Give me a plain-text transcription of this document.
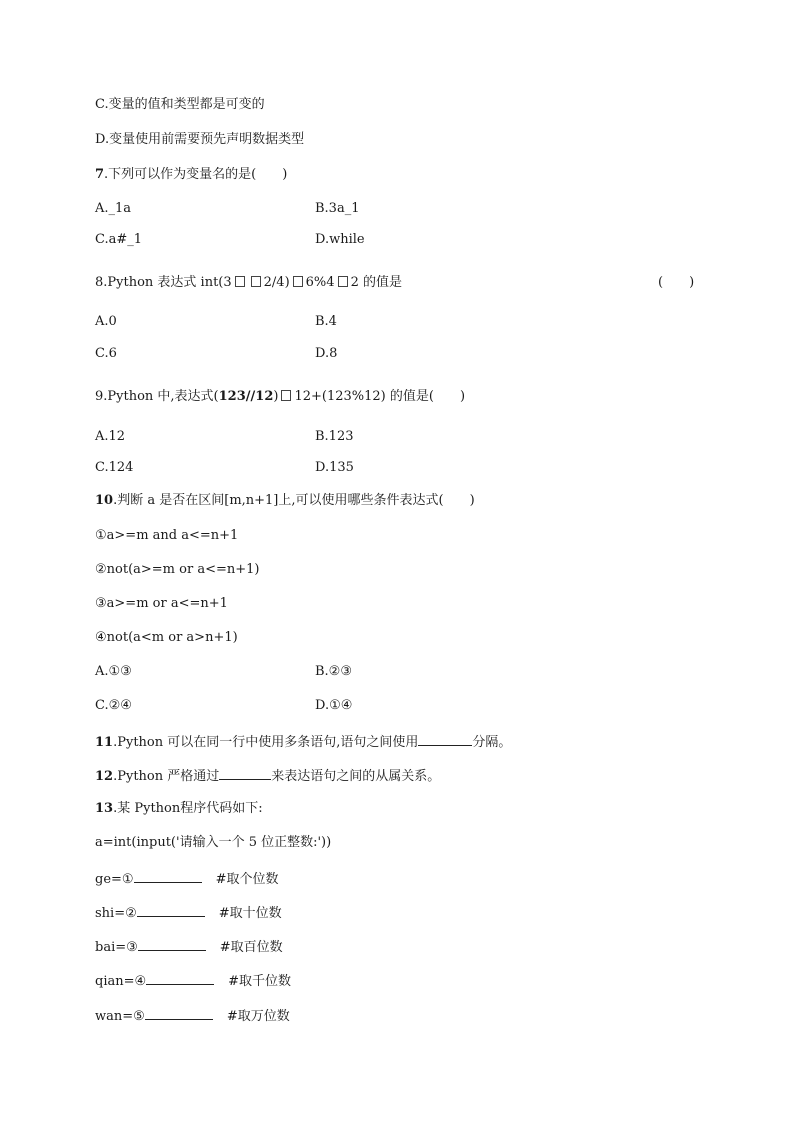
C.变量的值和类型都是可变的
D.变量使用前需要预先声明数据类型
7.下列可以作为变量名的是(　　)
A._1a	B.3a_1
C.a#_1	D.while
8.Python 表达式 int(3 2/4) 6%4 2 的值是	(　　)
A.0	B.4
C.6	D.8
9.Python 中,表达式(123//12) 12+(123%12) 的值是(　　)
A.12	B.123
C.124	D.135
10.判断 a 是否在区间[m,n+1]上,可以使用哪些条件表达式(　　)
①a>=m and a<=n+1
②not(a>=m or a<=n+1)
③a>=m or a<=n+1
④not(a<m or a>n+1)
A.①③	B.②③
C.②④	D.①④
11.Python 可以在同一行中使用多条语句,语句之间使用	分隔。
12.Python 严格通过	来表达语句之间的从属关系。
13.某 Python程序代码如下:
a=int(input('请输入一个 5 位正整数:'))
ge=①	#取个位数
shi=②	#取十位数
bai=③	#取百位数
qian=④	#取千位数
wan=⑤	#取万位数
